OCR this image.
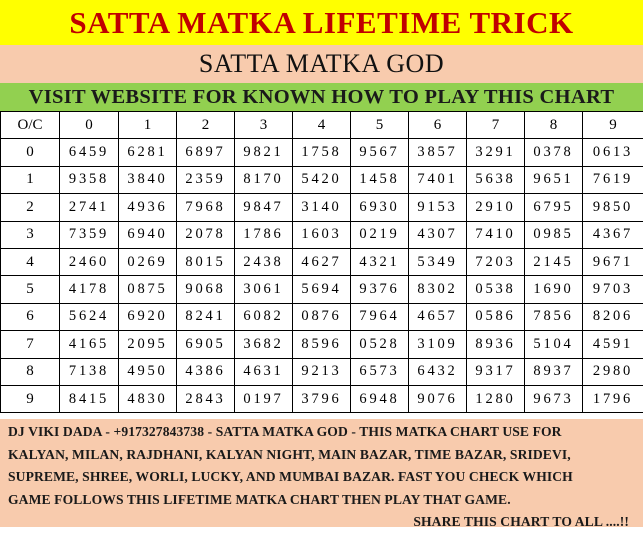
SATTA MATKA LIFETIME TRICK
SATTA MATKA GOD
VISIT WEBSITE FOR KNOWN HOW TO PLAY THIS CHART
O/C	0	1	2	3	4	5	6	7	8	9
0	6459	6281	6897	9821	1758	9567	3857	3291	0378	0613
1	9358	3840	2359	8170	5420	1458	7401	5638	9651	7619
2	2741	4936	7968	9847	3140	6930	9153	2910	6795	9850
3	7359	6940	2078	1786	1603	0219	4307	7410	0985	4367
4	2460	0269	8015	2438	4627	4321	5349	7203	2145	9671
5	4178	0875	9068	3061	5694	9376	8302	0538	1690	9703
6	5624	6920	8241	6082	0876	7964	4657	0586	7856	8206
7	4165	2095	6905	3682	8596	0528	3109	8936	5104	4591
8	7138	4950	4386	4631	9213	6573	6432	9317	8937	2980
9	8415	4830	2843	0197	3796	6948	9076	1280	9673	1796

DJ VIKI DADA - +917327843738 - SATTA MATKA GOD - THIS MATKA CHART USE FOR

KALYAN, MILAN, RAJDHANI, KALYAN NIGHT, MAIN BAZAR, TIME BAZAR, SRIDEVI,

SUPREME, SHREE, WORLI, LUCKY, AND MUMBAI BAZAR. FAST YOU CHECK WHICH

GAME FOLLOWS THIS LIFETIME MATKA CHART THEN PLAY THAT GAME.

SHARE THIS CHART TO ALL ....!!
